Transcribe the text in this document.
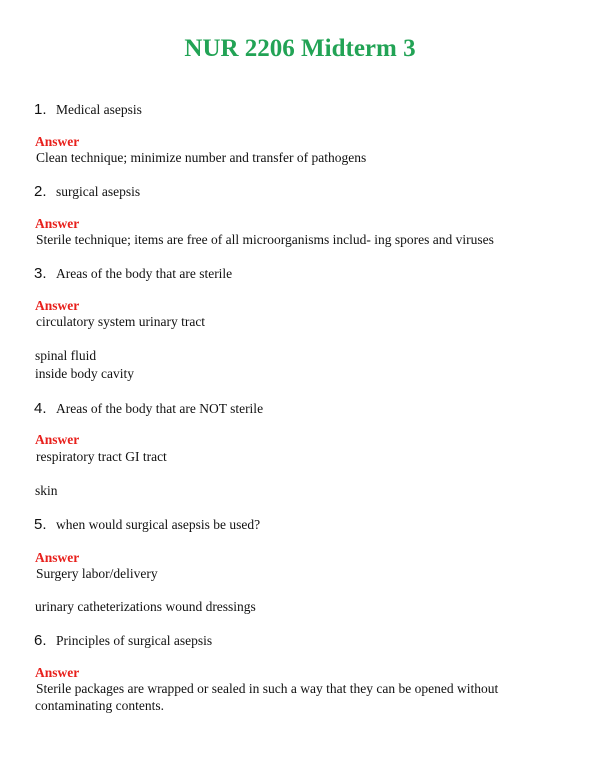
NUR 2206 Midterm 3
1. Medical asepsis
Answer
Clean technique; minimize number and transfer of pathogens
2. surgical asepsis
Answer
Sterile technique; items are free of all microorganisms includ- ing spores and viruses
3. Areas of the body that are sterile
Answer
circulatory system urinary tract
spinal fluid
inside body cavity
4. Areas of the body that are NOT sterile
Answer
respiratory tract GI tract
skin
5. when would surgical asepsis be used?
Answer
Surgery labor/delivery
urinary catheterizations wound dressings
6. Principles of surgical asepsis
Answer
Sterile packages are wrapped or sealed in such a way that they can be opened without contaminating contents.
